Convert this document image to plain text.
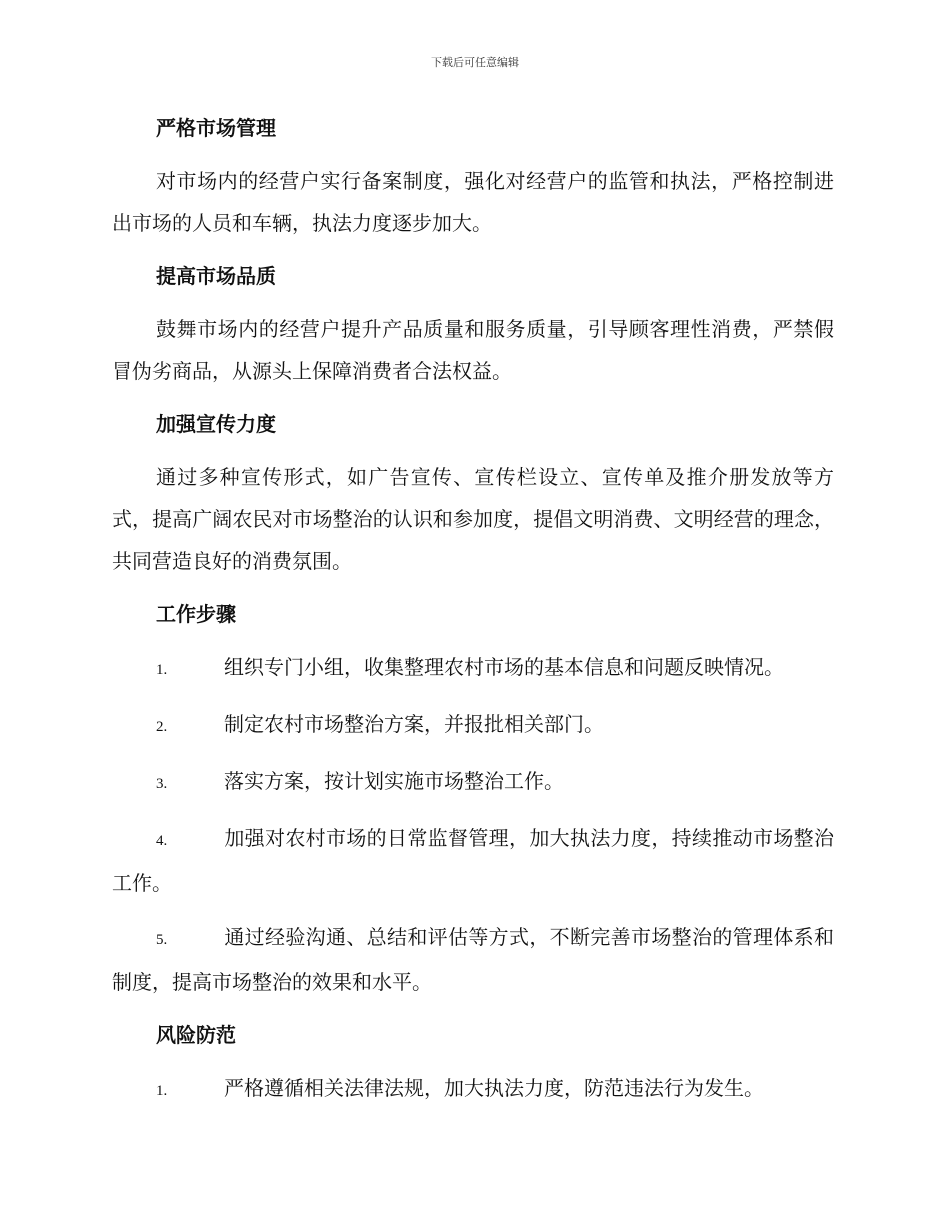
下载后可任意编辑
严格市场管理

对市场内的经营户实行备案制度，强化对经营户的监管和执法，严格控制进出市场的人员和车辆，执法力度逐步加大。

提高市场品质

鼓舞市场内的经营户提升产品质量和服务质量，引导顾客理性消费，严禁假冒伪劣商品，从源头上保障消费者合法权益。

加强宣传力度

通过多种宣传形式，如广告宣传、宣传栏设立、宣传单及推介册发放等方式，提高广阔农民对市场整治的认识和参加度，提倡文明消费、文明经营的理念，共同营造良好的消费氛围。

工作步骤

1.	组织专门小组，收集整理农村市场的基本信息和问题反映情况。

2.	制定农村市场整治方案，并报批相关部门。

3.	落实方案，按计划实施市场整治工作。

4.	加强对农村市场的日常监督管理，加大执法力度，持续推动市场整治工作。

5.	通过经验沟通、总结和评估等方式，不断完善市场整治的管理体系和制度，提高市场整治的效果和水平。

风险防范

1.	严格遵循相关法律法规，加大执法力度，防范违法行为发生。
